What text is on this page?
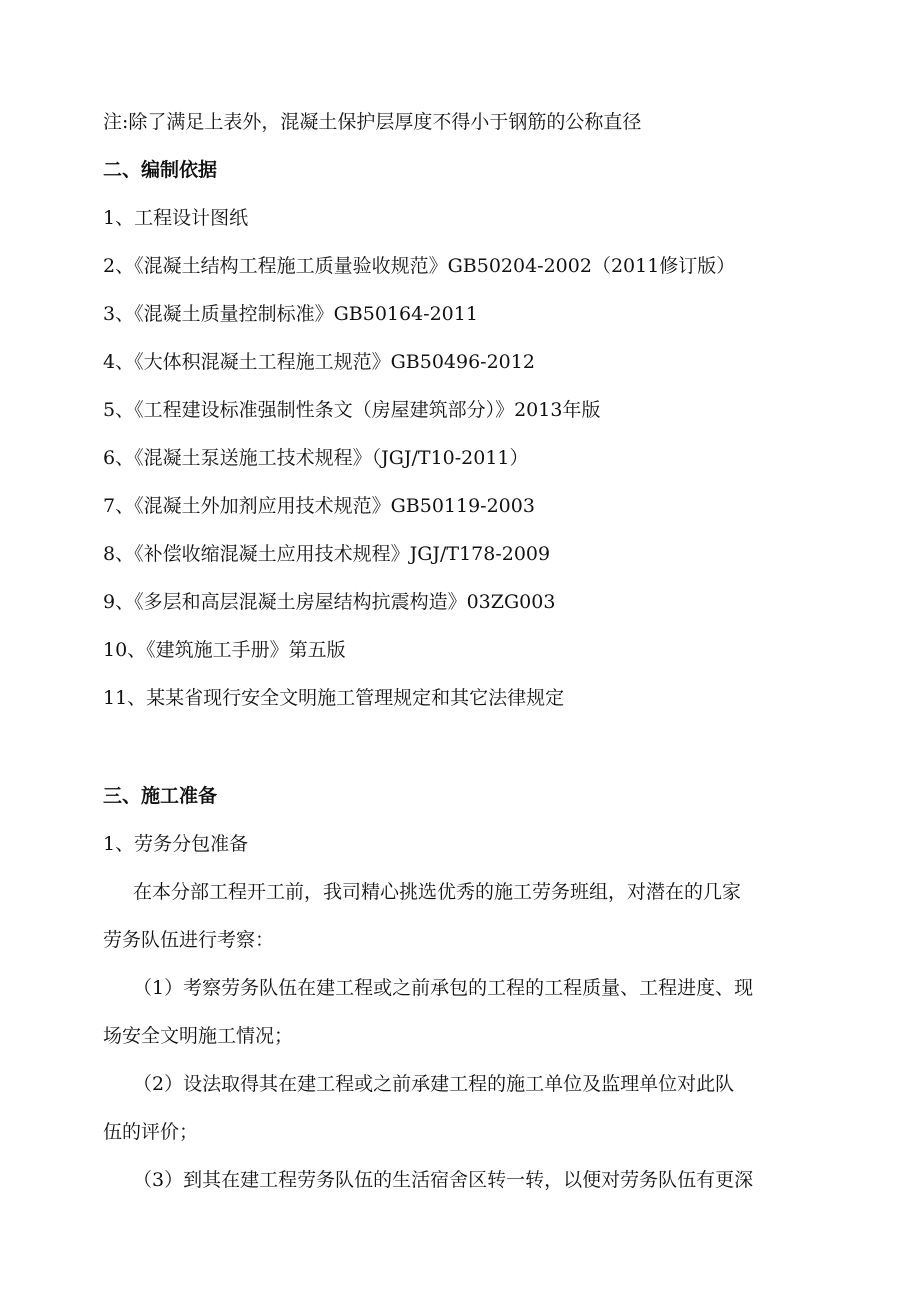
注:除了满足上表外，混凝土保护层厚度不得小于钢筋的公称直径
二、编制依据
1、工程设计图纸
2、《混凝土结构工程施工质量验收规范》GB50204-2002（2011修订版）
3、《混凝土质量控制标准》GB50164-2011
4、《大体积混凝土工程施工规范》GB50496-2012
5、《工程建设标准强制性条文（房屋建筑部分）》2013年版
6、《混凝土泵送施工技术规程》（JGJ/T10-2011）
7、《混凝土外加剂应用技术规范》GB50119-2003
8、《补偿收缩混凝土应用技术规程》JGJ/T178-2009
9、《多层和高层混凝土房屋结构抗震构造》03ZG003
10、《建筑施工手册》第五版
11、某某省现行安全文明施工管理规定和其它法律规定
三、施工准备
1、劳务分包准备
在本分部工程开工前，我司精心挑选优秀的施工劳务班组，对潜在的几家
劳务队伍进行考察：
（1）考察劳务队伍在建工程或之前承包的工程的工程质量、工程进度、现
场安全文明施工情况；
（2）设法取得其在建工程或之前承建工程的施工单位及监理单位对此队
伍的评价；
（3）到其在建工程劳务队伍的生活宿舍区转一转，以便对劳务队伍有更深
